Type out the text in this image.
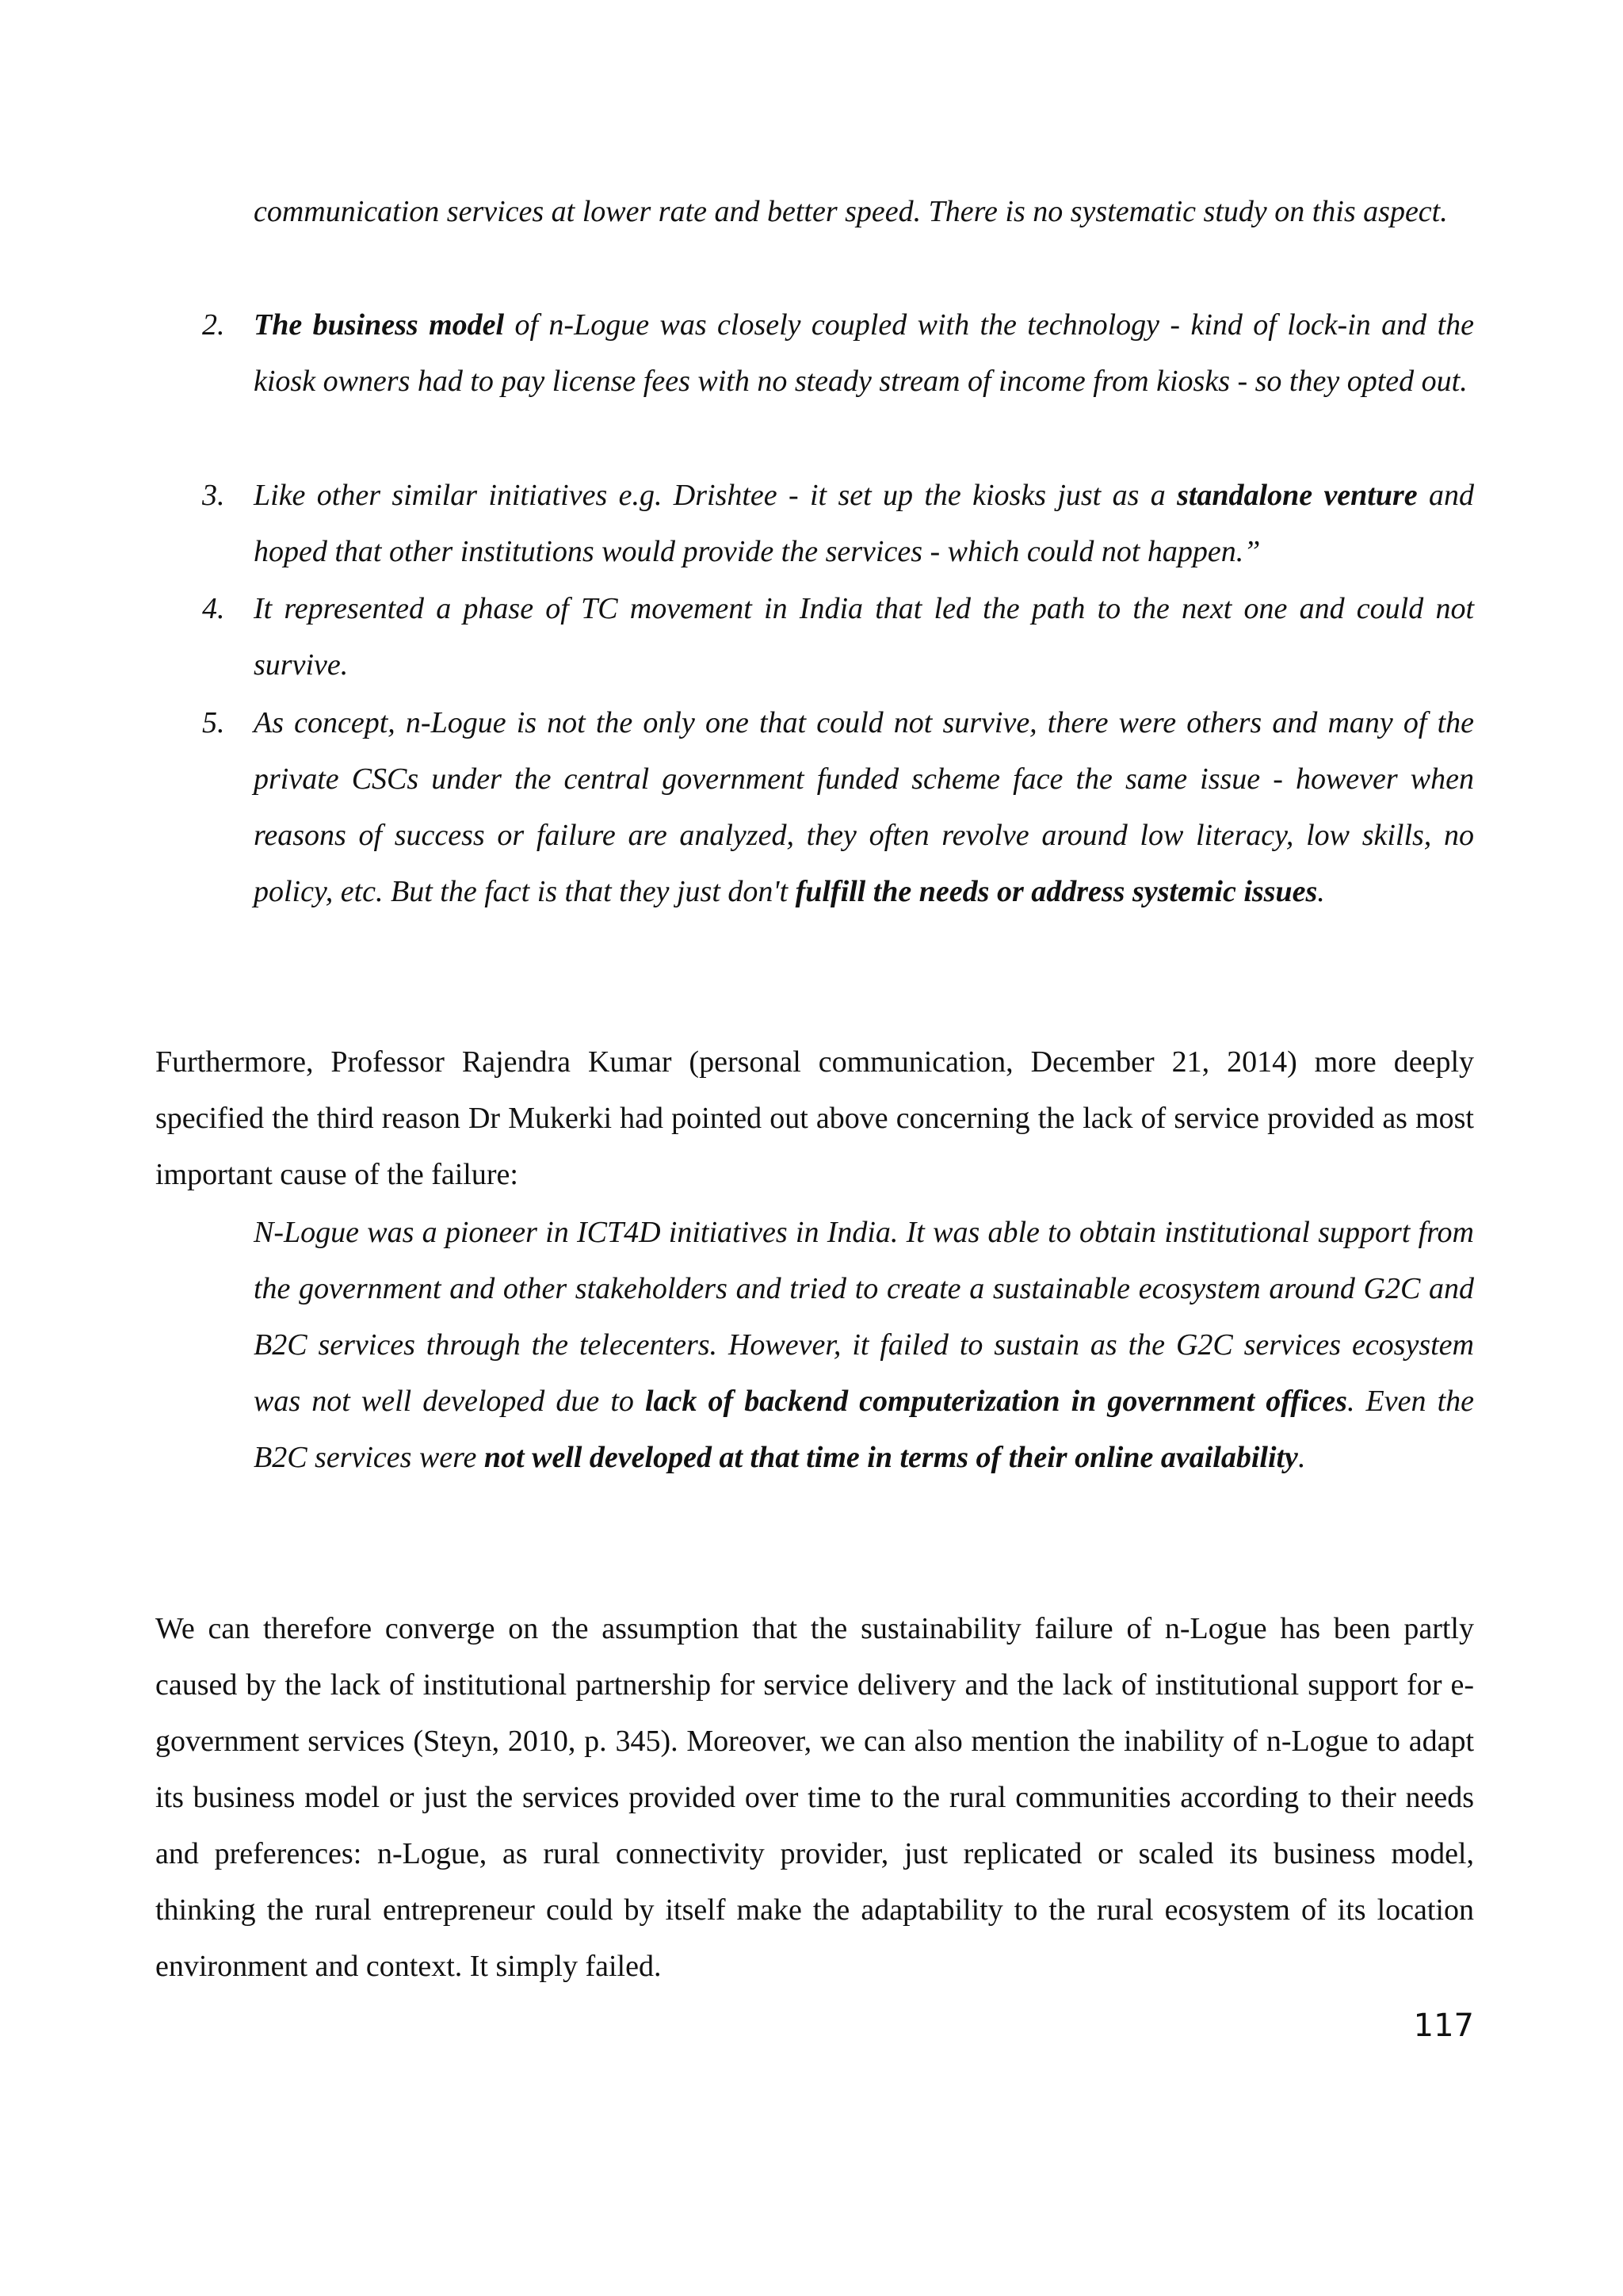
communication services at lower rate and better speed. There is no systematic study on this aspect.

2. The business model of n-Logue was closely coupled with the technology - kind of lock-in and the kiosk owners had to pay license fees with no steady stream of income from kiosks - so they opted out.
3. Like other similar initiatives e.g. Drishtee - it set up the kiosks just as a standalone venture and hoped that other institutions would provide the services - which could not happen.”
4. It represented a phase of TC movement in India that led the path to the next one and could not survive.
5. As concept, n-Logue is not the only one that could not survive, there were others and many of the private CSCs under the central government funded scheme face the same issue - however when reasons of success or failure are analyzed, they often revolve around low literacy, low skills, no policy, etc. But the fact is that they just don't fulfill the needs or address systemic issues.

Furthermore, Professor Rajendra Kumar (personal communication, December 21, 2014) more deeply specified the third reason Dr Mukerki had pointed out above concerning the lack of service provided as most important cause of the failure:

N-Logue was a pioneer in ICT4D initiatives in India. It was able to obtain institutional support from the government and other stakeholders and tried to create a sustainable ecosystem around G2C and B2C services through the telecenters. However, it failed to sustain as the G2C services ecosystem was not well developed due to lack of backend computerization in government offices. Even the B2C services were not well developed at that time in terms of their online availability.

We can therefore converge on the assumption that the sustainability failure of n-Logue has been partly caused by the lack of institutional partnership for service delivery and the lack of institutional support for e-government services (Steyn, 2010, p. 345). Moreover, we can also mention the inability of n-Logue to adapt its business model or just the services provided over time to the rural communities according to their needs and preferences: n-Logue, as rural connectivity provider, just replicated or scaled its business model, thinking the rural entrepreneur could by itself make the adaptability to the rural ecosystem of its location environment and context. It simply failed.

117
